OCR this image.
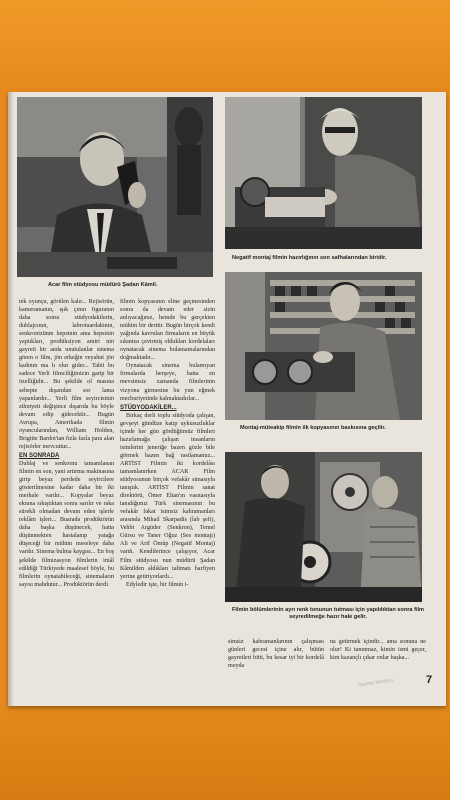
Acar film stüdyosu müdürü Şadan Kâmil.
Negatif montaj filmin hazırlığının son safhalarından biridir.
Montaj-müteakip filmin ilk kopyasının baskısına geçilir.
Filmin bölümlerinin ayrı renk tonunun tutması için yapıldıktan sonra film seyredilmeğe hazır hale gelir.

tek oyunçu, görülen kalır... Rejisörün, kameramanın, ışık çının figuranın daha sonra stüdyodakilerin, dublajcının, labrotuardakinin, senkronizünm hepsinin ama hepsinin yaptıkları, prodüksiyon amiri nin gayreti bir anda unutulanlar sinema gören o film, jön erkeğin veyahut jön kadının ma lı olur gider... Tabii bu sadece Yerli filmciliğimizin garip bir özelliğidir... Bu şekilde ol masına sebepte dışarıdan sor lama yapanlardır... Yerli film seyircisinin zihniyeti değişince dışarıda bu böyle devam edip gidecektir... Bugün Avrupa, Amerikada filmin oyuncularından, William Holden, Brigitte Bardot'tan fizla fazla para alan rejisörler mevcuttur...

EN SONRADA

Dublaj ve senkronu tamamlanan filmin en son, yani artırma makinasına girip beyaz perdede seyircilere gösterilmesine kadar daha bir iki merhale vardır... Kopyalar beyaz ekrana sıkıştıktan sonra sarılır ve raka sürekli olmadan devam eden işlerle reklâm işleri... Buarada prodüktörün daha başka düşünecek, hatta düşünmekten hastalanıp yatağa düşeceği bir mühim meseleye daha vardır. Sinema bulma kaygısı... En boş şekilde filmizasyon filmlerin imâl edildiği Türkiyede maalesef böyle, bu filmlerin oynatabileceği, sinemaların sayısı mahdutur... Prodüktörün derdi

filmin kopyasının eline geçmesinden sonra da devam eder sizin anlıyacağınız, hemde bu gerçekten mühim bir derttir. Bugün birçok kendi yağında kavrulan firmaların en büyük sıkıntısı çevirmiş oldukları kordelaları oynatacak sinema bulamamalarından doğmaktadır...

Oynatacak sinema bulamıyan firmalarda herşeye, hatta en mevsimsiz zamanda filmlerinin vizyona girmesine bu yun eğmek mecburiyetinde kalmaktadırlar...

STÜDYODAKİLER...

Birkaç derli toplu stüdyoda çalışan, gevşeyi gündüze katıp uykusuzluklar içinde her gün gördüğümüz filmleri hazırlamağa çalışan insanların isimlerini jeneriğe bazen gözle bile görmek bazen bağ rastlamamız... ARTİST Filmin iki kordelâsı tamamlanırken ACAR Film stüdyosunun birçok vefakâr simasıyla tanıştık. ARTİST Filmin sanat direktörü, Ömer Eltan'ın vasıtasıyla tanıdığımız Türk sinemasının bu vefakâr fakat isimsiz kahramanları arasında Mihail Skarpadis (lab şefi), Vehbi Argüder (Senkron), Temel Gürsu ve Taner Oğuz (Ses montajı) Ali ve Arif Ömüp (Negatif Montaj) vardı. Kendilerince çalışıyor, Acar Film stüdyosu nun müdürü Şadan Kâmilden aldıkları talimatı harfiyen yerine getiriyorlardı...

Edyledir işte, bir filmin i-

simsiz kahramanlarının çalışması günleri gecesi içine alır, bütün gayretleri bitti, bu kesar iyi bir kordelâ meyda

na getirmek içindir... ama sonuna ne olur! Ki tanınmaz, kimin ismi geçer, kim kazançlı çıkar onlar başka...

7
Gazete Merkezi
